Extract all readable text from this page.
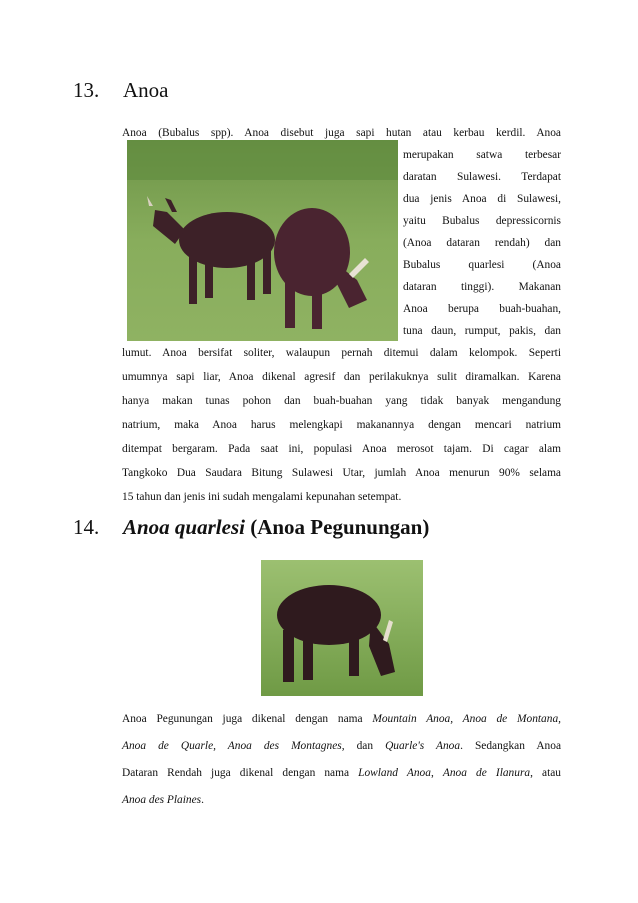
13. Anoa
Anoa (Bubalus spp). Anoa disebut juga sapi hutan atau kerbau kerdil. Anoa
merupakan satwa terbesar
daratan Sulawesi. Terdapat
dua jenis Anoa di Sulawesi,
yaitu Bubalus depressicornis
(Anoa dataran rendah) dan
Bubalus quarlesi (Anoa
dataran tinggi). Makanan
Anoa berupa buah-buahan,
tuna daun, rumput, pakis, dan
lumut. Anoa bersifat soliter, walaupun pernah ditemui dalam kelompok. Seperti
umumnya sapi liar, Anoa dikenal agresif dan perilakuknya sulit diramalkan. Karena
hanya makan tunas pohon dan buah-buahan yang tidak banyak mengandung
natrium, maka Anoa harus melengkapi makanannya dengan mencari natrium
ditempat bergaram. Pada saat ini, populasi Anoa merosot tajam. Di cagar alam
Tangkoko Dua Saudara Bitung Sulawesi Utar, jumlah Anoa menurun 90% selama
15 tahun dan jenis ini sudah mengalami kepunahan setempat.
14. Anoa quarlesi (Anoa Pegunungan)
Anoa Pegunungan juga dikenal dengan nama Mountain Anoa, Anoa de Montana,
Anoa de Quarle, Anoa des Montagnes, dan Quarle's Anoa. Sedangkan Anoa
Dataran Rendah juga dikenal dengan nama Lowland Anoa, Anoa de Ilanura, atau
Anoa des Plaines.
